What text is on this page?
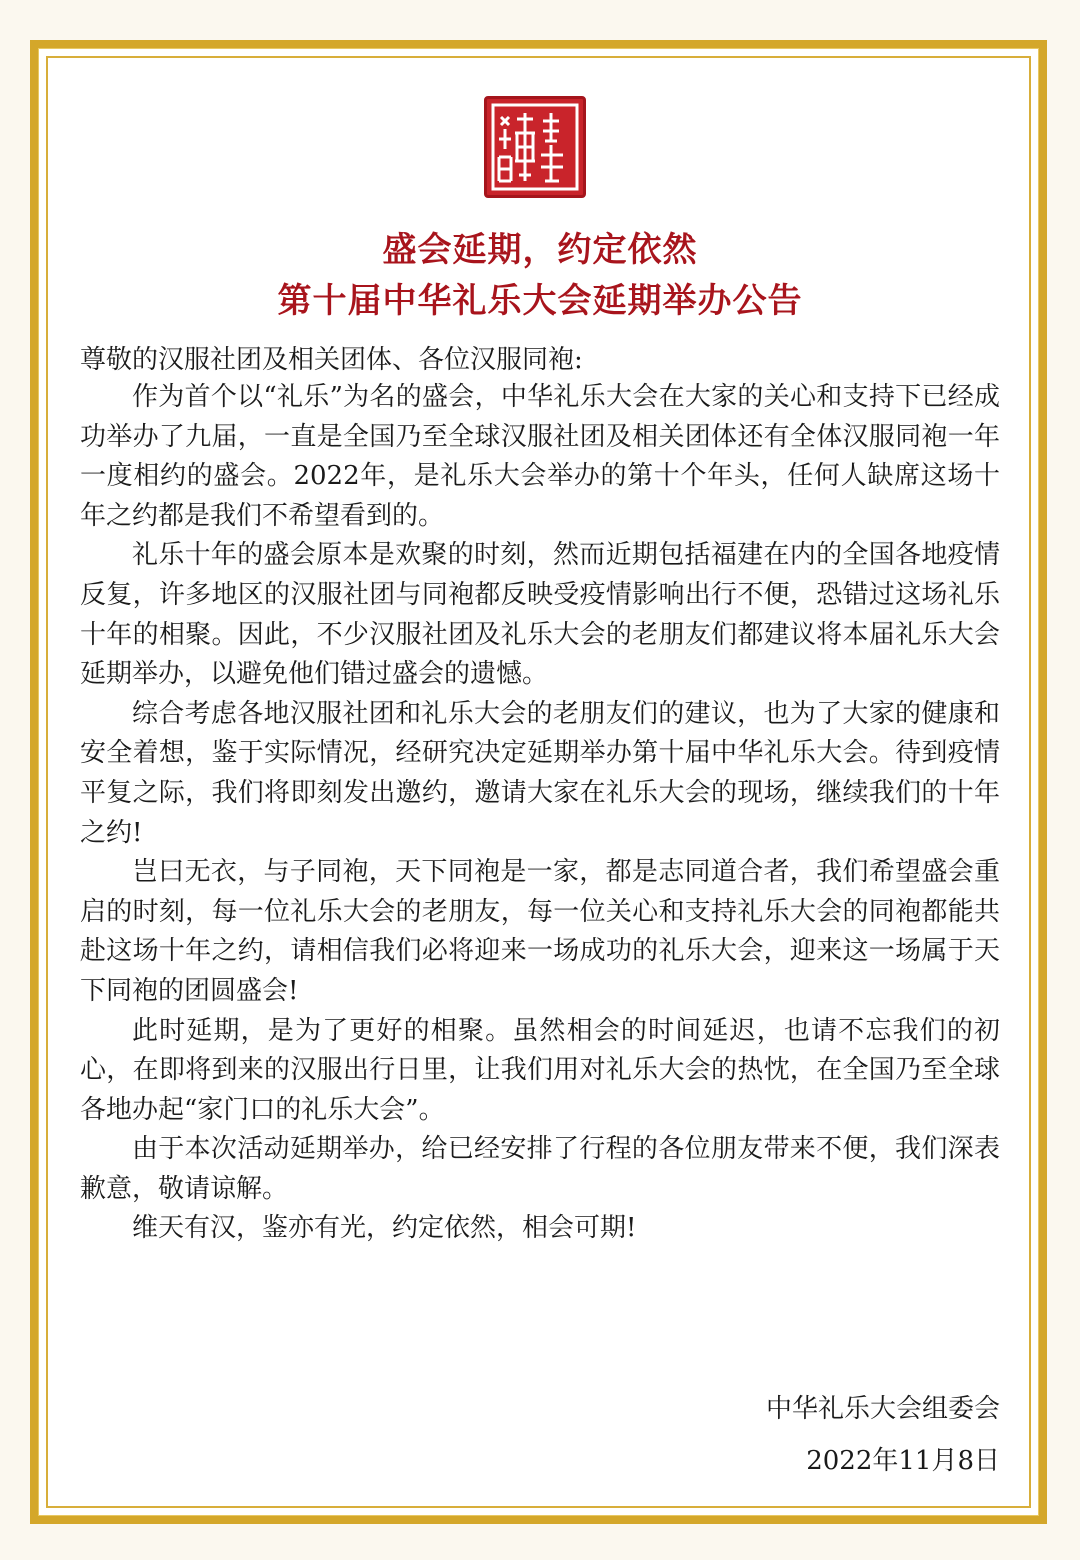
盛会延期，约定依然
第十届中华礼乐大会延期举办公告

尊敬的汉服社团及相关团体、各位汉服同袍:

作为首个以“礼乐”为名的盛会，中华礼乐大会在大家的关心和支持下已经成功举办了九届，一直是全国乃至全球汉服社团及相关团体还有全体汉服同袍一年一度相约的盛会。2022年，是礼乐大会举办的第十个年头，任何人缺席这场十年之约都是我们不希望看到的。

礼乐十年的盛会原本是欢聚的时刻，然而近期包括福建在内的全国各地疫情反复，许多地区的汉服社团与同袍都反映受疫情影响出行不便，恐错过这场礼乐十年的相聚。因此，不少汉服社团及礼乐大会的老朋友们都建议将本届礼乐大会延期举办，以避免他们错过盛会的遗憾。

综合考虑各地汉服社团和礼乐大会的老朋友们的建议，也为了大家的健康和安全着想，鉴于实际情况，经研究决定延期举办第十届中华礼乐大会。待到疫情平复之际，我们将即刻发出邀约，邀请大家在礼乐大会的现场，继续我们的十年之约!

岂曰无衣，与子同袍，天下同袍是一家，都是志同道合者，我们希望盛会重启的时刻，每一位礼乐大会的老朋友，每一位关心和支持礼乐大会的同袍都能共赴这场十年之约，请相信我们必将迎来一场成功的礼乐大会，迎来这一场属于天下同袍的团圆盛会!

此时延期，是为了更好的相聚。虽然相会的时间延迟，也请不忘我们的初心，在即将到来的汉服出行日里，让我们用对礼乐大会的热忱，在全国乃至全球各地办起“家门口的礼乐大会”。

由于本次活动延期举办，给已经安排了行程的各位朋友带来不便，我们深表歉意，敬请谅解。

维天有汉，鉴亦有光，约定依然，相会可期!

中华礼乐大会组委会

2022年11月8日
